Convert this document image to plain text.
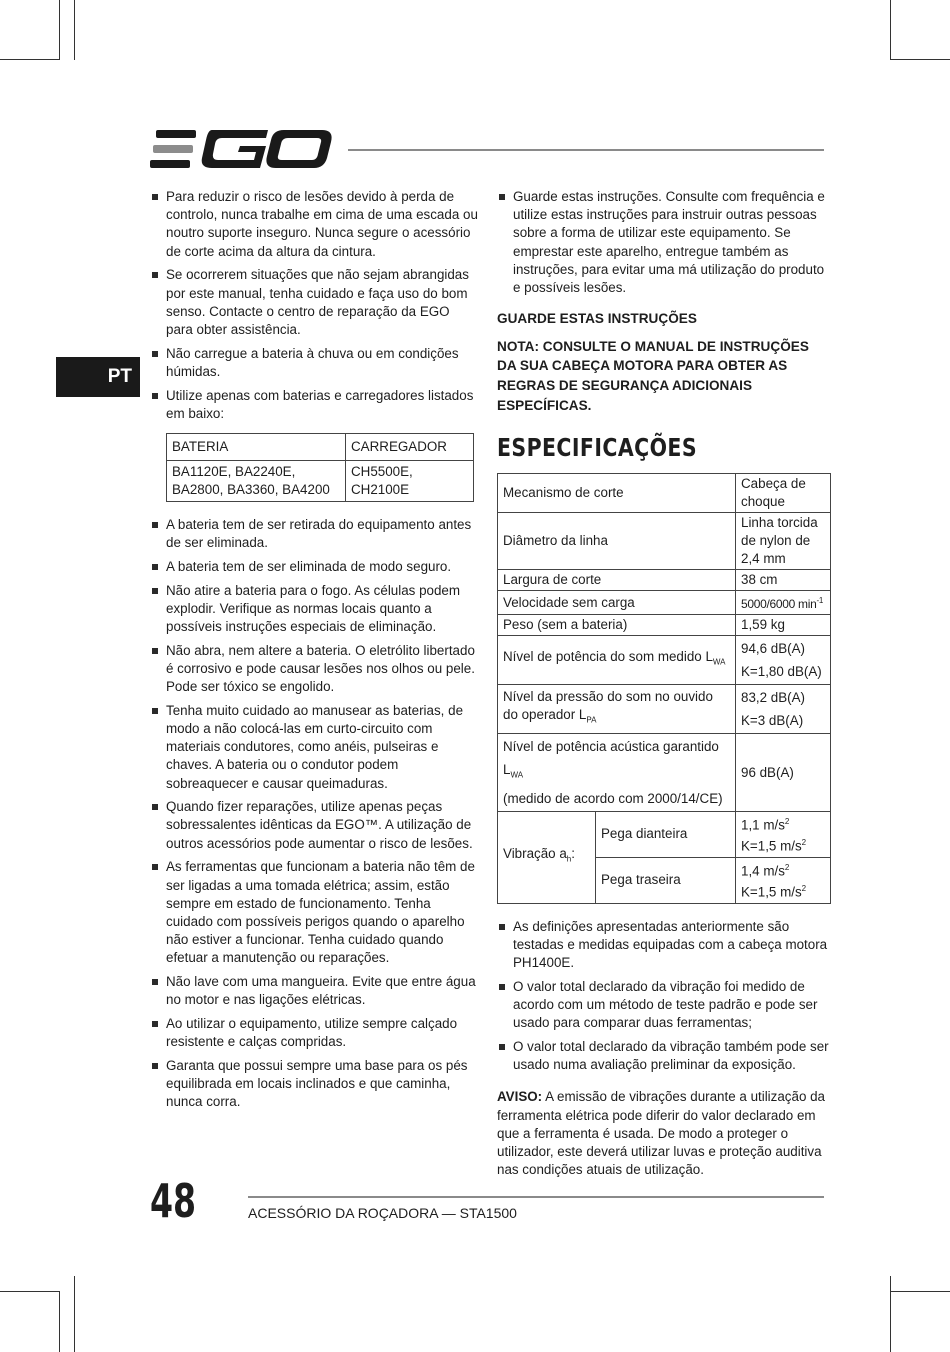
PT
Para reduzir o risco de lesões devido à perda de controlo, nunca trabalhe em cima de uma escada ou noutro suporte inseguro. Nunca segure o acessório de corte acima da altura da cintura.
Se ocorrerem situações que não sejam abrangidas por este manual, tenha cuidado e faça uso do bom senso. Contacte o centro de reparação da EGO para obter assistência.
Não carregue a bateria à chuva ou em condições húmidas.
Utilize apenas com baterias e carregadores listados em baixo:
BATERIA	CARREGADOR
BA1120E, BA2240E, BA2800, BA3360, BA4200	CH5500E, CH2100E
A bateria tem de ser retirada do equipamento antes de ser eliminada.
A bateria tem de ser eliminada de modo seguro.
Não atire a bateria para o fogo. As células podem explodir. Verifique as normas locais quanto a possíveis instruções especiais de eliminação.
Não abra, nem altere a bateria. O eletrólito libertado é corrosivo e pode causar lesões nos olhos ou pele. Pode ser tóxico se engolido.
Tenha muito cuidado ao manusear as baterias, de modo a não colocá-las em curto-circuito com materiais condutores, como anéis, pulseiras e chaves. A bateria ou o condutor podem sobreaquecer e causar queimaduras.
Quando fizer reparações, utilize apenas peças sobressalentes idênticas da EGO™. A utilização de outros acessórios pode aumentar o risco de lesões.
As ferramentas que funcionam a bateria não têm de ser ligadas a uma tomada elétrica; assim, estão sempre em estado de funcionamento. Tenha cuidado com possíveis perigos quando o aparelho não estiver a funcionar. Tenha cuidado quando efetuar a manutenção ou reparações.
Não lave com uma mangueira. Evite que entre água no motor e nas ligações elétricas.
Ao utilizar o equipamento, utilize sempre calçado resistente e calças compridas.
Garanta que possui sempre uma base para os pés equilibrada em locais inclinados e que caminha, nunca corra.
Guarde estas instruções. Consulte com frequência e utilize estas instruções para instruir outras pessoas sobre a forma de utilizar este equipamento. Se emprestar este aparelho, entregue também as instruções, para evitar uma má utilização do produto e possíveis lesões.
GUARDE ESTAS INSTRUÇÕES
NOTA: CONSULTE O MANUAL DE INSTRUÇÕES DA SUA CABEÇA MOTORA PARA OBTER AS REGRAS DE SEGURANÇA ADICIONAIS ESPECÍFICAS.
ESPECIFICAÇÕES
Mecanismo de corte		Cabeça de choque
Diâmetro da linha		Linha torcida de nylon de 2,4 mm
Largura de corte		38 cm
Velocidade sem carga		5000/6000 $\min^{-1}$
Peso (sem a bateria)		1,59 kg
Nível de potência do som medido $L_{WA}$		94,6 dB(A)
K=1,80 dB(A)
Nível da pressão do som no ouvido do operador $L_{PA}$		83,2 dB(A)
K=3 dB(A)
Nível de potência acústica garantido $L_{WA}$
(medido de acordo com 2000/14/CE)		96 dB(A)
Vibração $a_h$:	Pega dianteira	1,1 $m/s^2$
K=1,5 $m/s^2$
	Pega traseira	1,4 $m/s^2$
K=1,5 $m/s^2$
As definições apresentadas anteriormente são testadas e medidas equipadas com a cabeça motora PH1400E.
O valor total declarado da vibração foi medido de acordo com um método de teste padrão e pode ser usado para comparar duas ferramentas;
O valor total declarado da vibração também pode ser usado numa avaliação preliminar da exposição.
AVISO: A emissão de vibrações durante a utilização da ferramenta elétrica pode diferir do valor declarado em que a ferramenta é usada. De modo a proteger o utilizador, este deverá utilizar luvas e proteção auditiva nas condições atuais de utilização.
48	ACESSÓRIO DA ROÇADORA — STA1500
